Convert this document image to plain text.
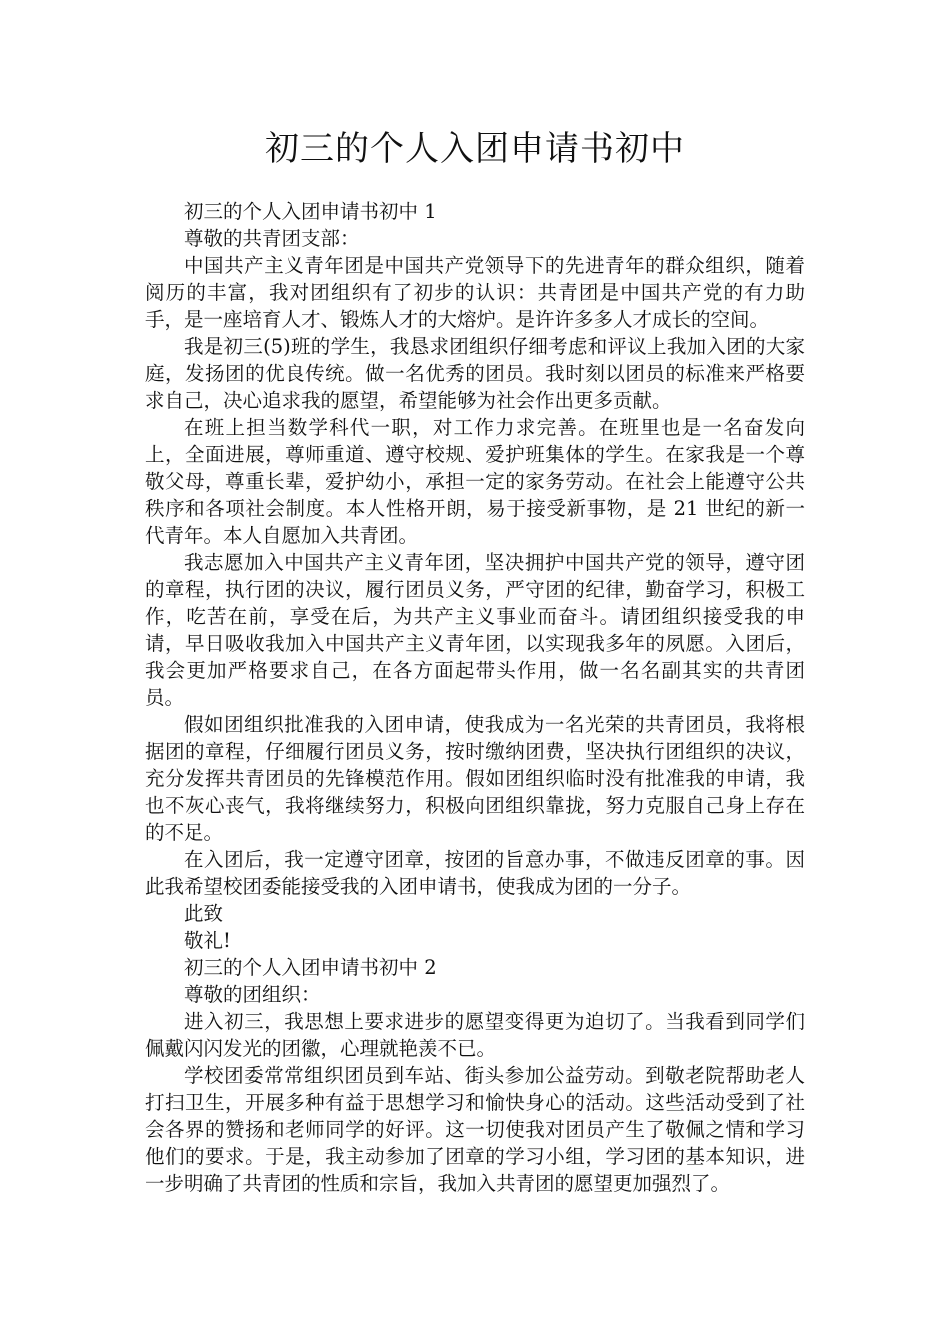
初三的个人入团申请书初中

初三的个人入团申请书初中 1

尊敬的共青团支部：

中国共产主义青年团是中国共产党领导下的先进青年的群众组织，随着阅历的丰富，我对团组织有了初步的认识：共青团是中国共产党的有力助手，是一座培育人才、锻炼人才的大熔炉。是许许多多人才成长的空间。

我是初三(5)班的学生，我恳求团组织仔细考虑和评议上我加入团的大家庭，发扬团的优良传统。做一名优秀的团员。我时刻以团员的标准来严格要求自己，决心追求我的愿望，希望能够为社会作出更多贡献。

在班上担当数学科代一职，对工作力求完善。在班里也是一名奋发向上，全面进展，尊师重道、遵守校规、爱护班集体的学生。在家我是一个尊敬父母，尊重长辈，爱护幼小，承担一定的家务劳动。在社会上能遵守公共秩序和各项社会制度。本人性格开朗，易于接受新事物，是 21 世纪的新一代青年。本人自愿加入共青团。

我志愿加入中国共产主义青年团，坚决拥护中国共产党的领导，遵守团的章程，执行团的决议，履行团员义务，严守团的纪律，勤奋学习，积极工作，吃苦在前，享受在后，为共产主义事业而奋斗。请团组织接受我的申请，早日吸收我加入中国共产主义青年团，以实现我多年的夙愿。入团后，我会更加严格要求自己，在各方面起带头作用，做一名名副其实的共青团员。

假如团组织批准我的入团申请，使我成为一名光荣的共青团员，我将根据团的章程，仔细履行团员义务，按时缴纳团费，坚决执行团组织的决议，充分发挥共青团员的先锋模范作用。假如团组织临时没有批准我的申请，我也不灰心丧气，我将继续努力，积极向团组织靠拢，努力克服自己身上存在的不足。

在入团后，我一定遵守团章，按团的旨意办事，不做违反团章的事。因此我希望校团委能接受我的入团申请书，使我成为团的一分子。

此致

敬礼!

初三的个人入团申请书初中 2

尊敬的团组织：

进入初三，我思想上要求进步的愿望变得更为迫切了。当我看到同学们佩戴闪闪发光的团徽，心理就艳羡不已。

学校团委常常组织团员到车站、街头参加公益劳动。到敬老院帮助老人打扫卫生，开展多种有益于思想学习和愉快身心的活动。这些活动受到了社会各界的赞扬和老师同学的好评。这一切使我对团员产生了敬佩之情和学习他们的要求。于是，我主动参加了团章的学习小组，学习团的基本知识，进一步明确了共青团的性质和宗旨，我加入共青团的愿望更加强烈了。
